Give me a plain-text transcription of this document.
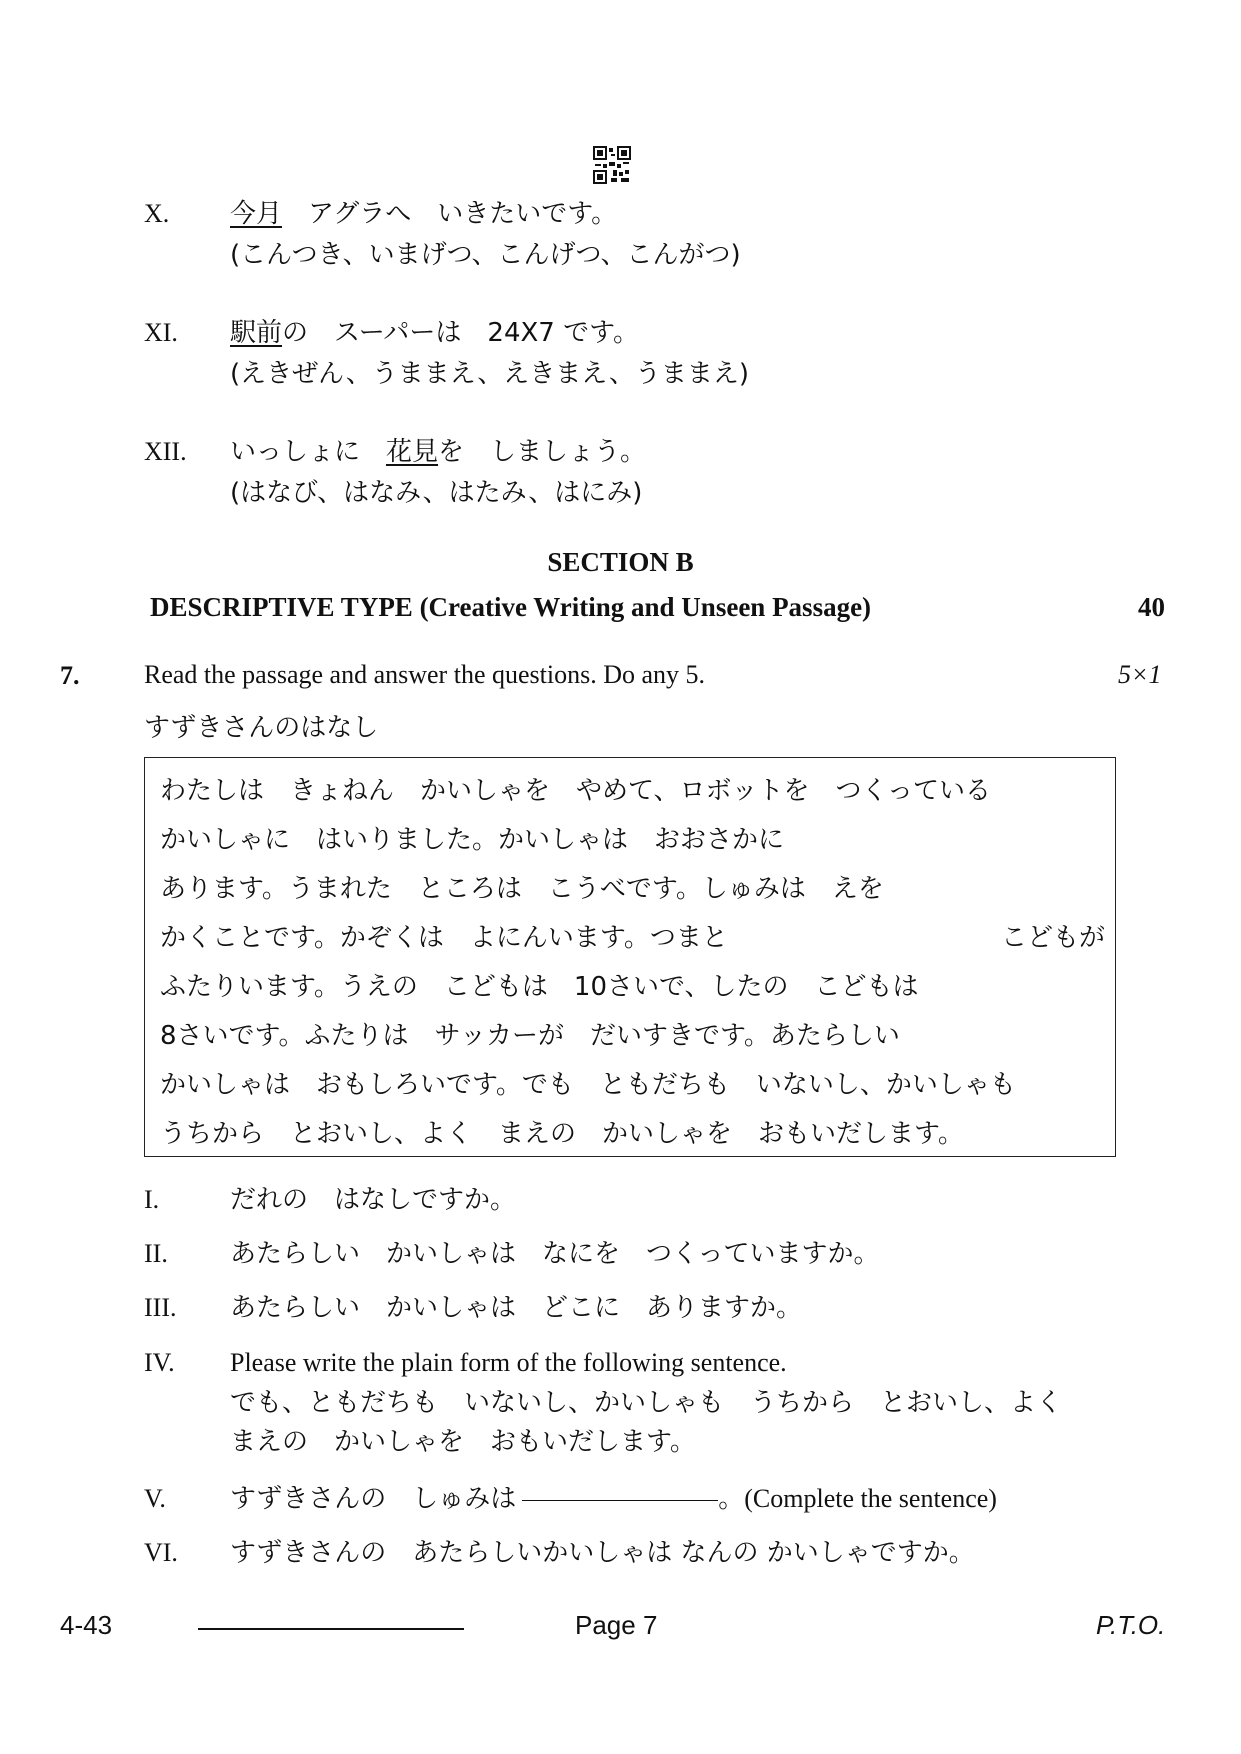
X. 今月　アグラへ　いきたいです。
(こんつき、いまげつ、こんげつ、こんがつ)
XI. 駅前の　スーパーは　24X7 です。
(えきぜん、うままえ、えきまえ、うままえ)
XII. いっしょに　花見を　しましょう。
(はなび、はなみ、はたみ、はにみ)
SECTION B
DESCRIPTIVE TYPE (Creative Writing and Unseen Passage)	40
7. Read the passage and answer the questions. Do any 5.	5×1
すずきさんのはなし
わたしは　きょねん　かいしゃを　やめて、ロボットを　つくっている
かいしゃに　はいりました。かいしゃは　おおさかに
あります。うまれた　ところは　こうべです。しゅみは　えを
かくことです。かぞくは　よにんいます。つまと	こどもが
ふたりいます。うえの　こどもは　10さいで、したの　こどもは
8さいです。ふたりは　サッカーが　だいすきです。あたらしい
かいしゃは　おもしろいです。でも　ともだちも　いないし、かいしゃも
うちから　とおいし、よく　まえの　かいしゃを　おもいだします。
I.	だれの　はなしですか。
II. あたらしい　かいしゃは　なにを　つくっていますか。
III. あたらしい　かいしゃは　どこに　ありますか。
IV. Please write the plain form of the following sentence.
でも、ともだちも　いないし、かいしゃも　うちから　とおいし、よく
まえの　かいしゃを　おもいだします。
V. すずきさんの　しゅみは	。(Complete the sentence)
VI. すずきさんの　あたらしいかいしゃは なんの かいしゃですか。
4-43	Page 7	P.T.O.
